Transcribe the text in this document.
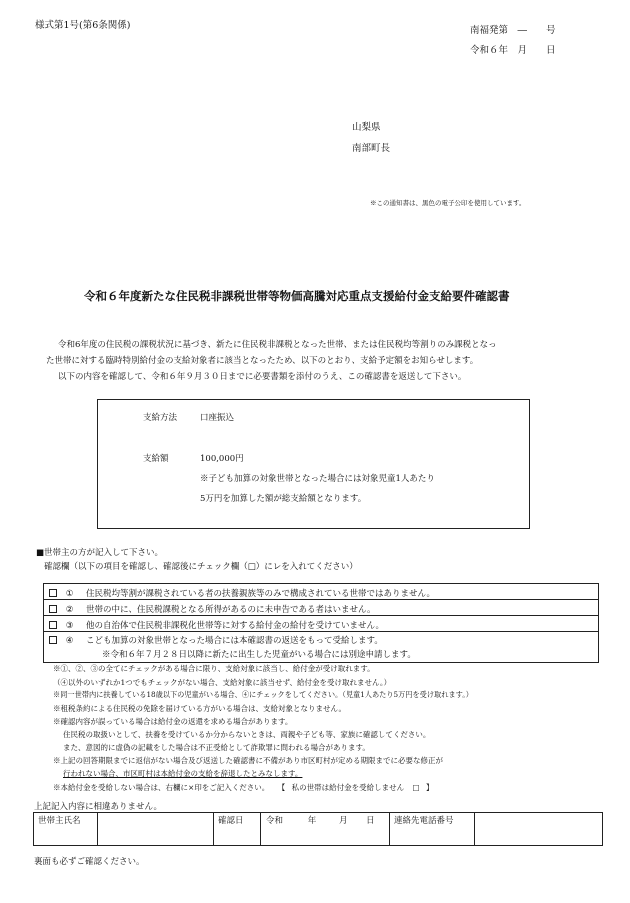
様式第1号(第6条関係)	南福発第　―　　号
令和６年　月　　日
山梨県
南部町長
※この通知書は、黒色の電子公印を使用しています。
令和６年度新たな住民税非課税世帯等物価高騰対応重点支援給付金支給要件確認書
令和6年度の住民税の課税状況に基づき、新たに住民税非課税となった世帯、または住民税均等割りのみ課税となっ
た世帯に対する臨時特別給付金の支給対象者に該当となったため、以下のとおり、支給予定額をお知らせします。
以下の内容を確認して、令和６年９月３０日までに必要書類を添付のうえ、この確認書を返送して下さい。
支給方法	口座振込
支給額	100,000円
※子ども加算の対象世帯となった場合には対象児童1人あたり
5万円を加算した額が総支給額となります。
■世帯主の方が記入して下さい。
確認欄（以下の項目を確認し、確認後にチェック欄（□）にレを入れてください）
① 住民税均等割が課税されている者の扶養親族等のみで構成されている世帯ではありません。
② 世帯の中に、住民税課税となる所得があるのに未申告である者はいません。
③ 他の自治体で住民税非課税化世帯等に対する給付金の給付を受けていません。
④ こども加算の対象世帯となった場合には本確認書の返送をもって受給します。
※令和６年７月２８日以降に新たに出生した児童がいる場合には別途申請します。
※①、②、③の全てにチェックがある場合に限り、支給対象に該当し、給付金が受け取れます。
（④以外のいずれか1つでもチェックがない場合、支給対象に該当せず、給付金を受け取れません。）
※同一世帯内に扶養している18歳以下の児童がいる場合、④にチェックをしてください。（児童1人あたり5万円を受け取れます。）
※租税条約による住民税の免除を届けている方がいる場合は、支給対象となりません。
※確認内容が誤っている場合は給付金の返還を求める場合があります。
住民税の取扱いとして、扶養を受けているか分からないときは、両親や子ども等、家族に確認してください。
また、意図的に虚偽の記載をした場合は不正受給として詐欺罪に問われる場合があります。
※上記の回答期限までに返信がない場合及び返送した確認書に不備があり市区町村が定める期限までに必要な修正が
行われない場合、市区町村は本給付金の支給を辞退したとみなします。
※本給付金を受給しない場合は、右欄に×印をご記入ください。 【 私の世帯は給付金を受給しません □ 】
上記記入内容に相違ありません。
世帯主氏名	確認日	令和	年	月 日 連絡先電話番号
裏面も必ずご確認ください。
